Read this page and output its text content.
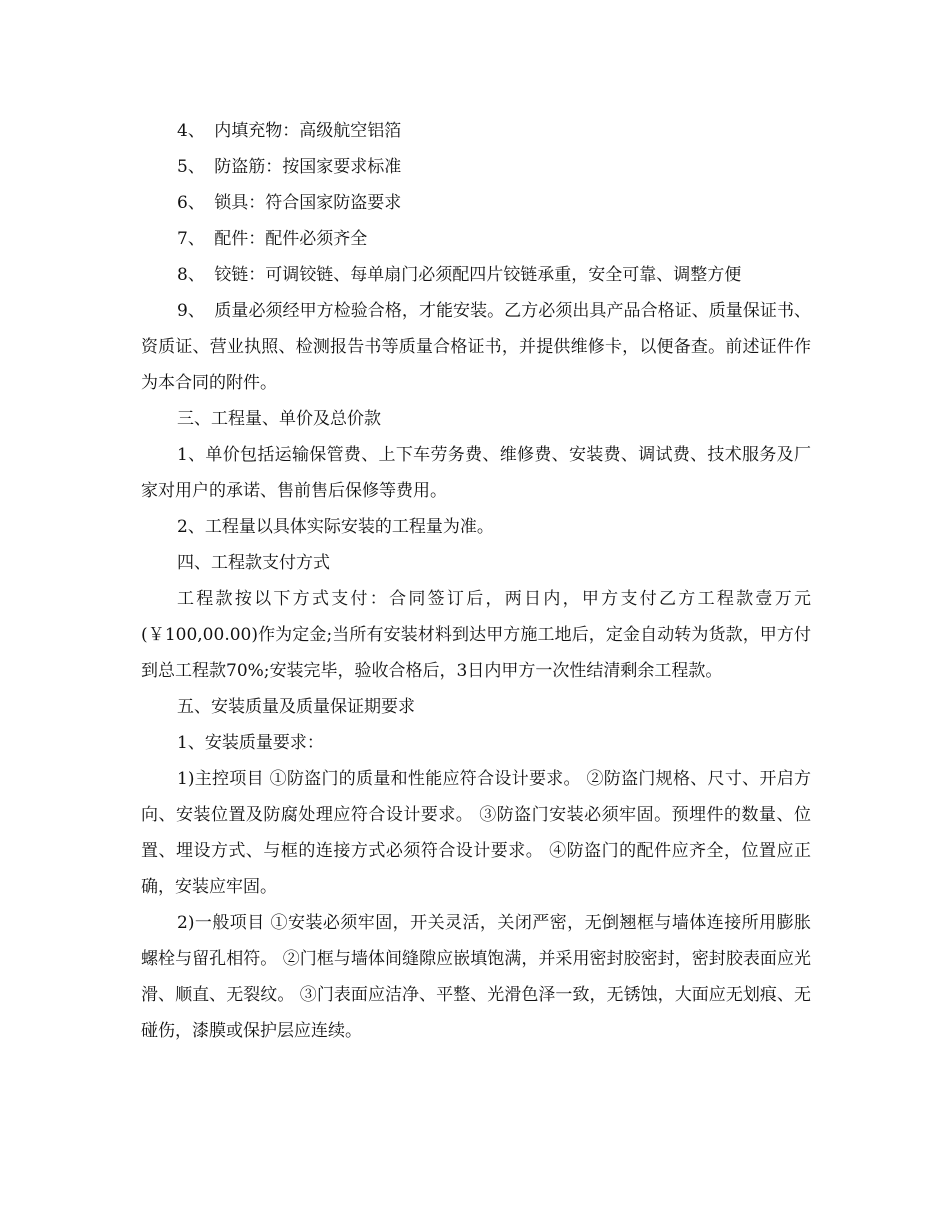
4、 内填充物：高级航空铝箔

5、 防盗筋：按国家要求标准

6、 锁具：符合国家防盗要求

7、 配件：配件必须齐全

8、 铰链：可调铰链、每单扇门必须配四片铰链承重，安全可靠、调整方便

9、 质量必须经甲方检验合格，才能安装。乙方必须出具产品合格证、质量保证书、资质证、营业执照、检测报告书等质量合格证书，并提供维修卡，以便备查。前述证件作为本合同的附件。

三、工程量、单价及总价款

1、单价包括运输保管费、上下车劳务费、维修费、安装费、调试费、技术服务及厂家对用户的承诺、售前售后保修等费用。

2、工程量以具体实际安装的工程量为准。

四、工程款支付方式

工程款按以下方式支付：合同签订后，两日内，甲方支付乙方工程款壹万元(￥100,00.00)作为定金;当所有安装材料到达甲方施工地后，定金自动转为货款，甲方付到总工程款70%;安装完毕，验收合格后，3日内甲方一次性结清剩余工程款。

五、安装质量及质量保证期要求

1、安装质量要求：

1)主控项目 ①防盗门的质量和性能应符合设计要求。 ②防盗门规格、尺寸、开启方向、安装位置及防腐处理应符合设计要求。 ③防盗门安装必须牢固。预埋件的数量、位置、埋设方式、与框的连接方式必须符合设计要求。 ④防盗门的配件应齐全，位置应正确，安装应牢固。

2)一般项目 ①安装必须牢固，开关灵活，关闭严密，无倒翘框与墙体连接所用膨胀螺栓与留孔相符。 ②门框与墙体间缝隙应嵌填饱满，并采用密封胶密封，密封胶表面应光滑、顺直、无裂纹。 ③门表面应洁净、平整、光滑色泽一致，无锈蚀，大面应无划痕、无碰伤，漆膜或保护层应连续。
